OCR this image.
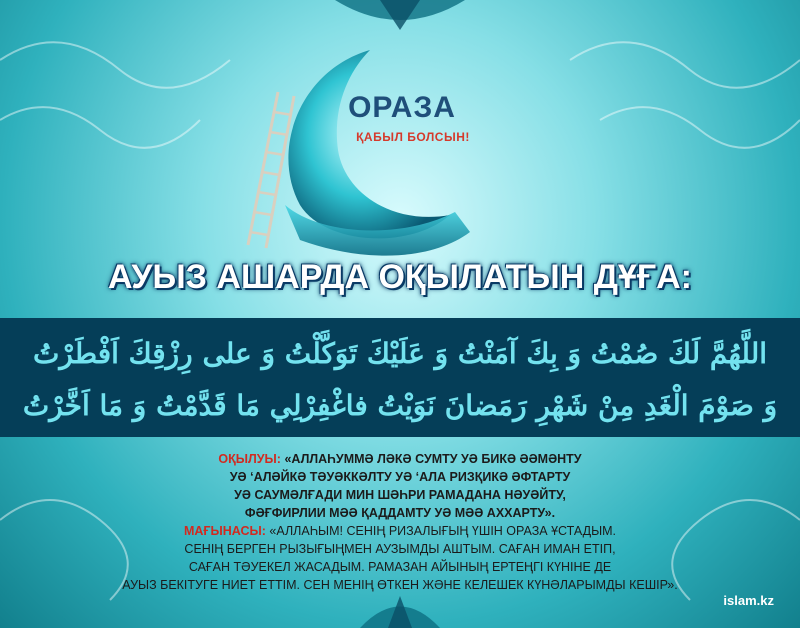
ОРАЗА
ҚАБЫЛ БОЛСЫН!
АУЫЗ АШАРДА ОҚЫЛАТЫН ДҰҒА:
اللَّهُمَّ لَكَ صُمْتُ وَ بِكَ آمَنْتُ وَ عَلَيْكَ تَوَكَّلْتُ وَ على رِزْقِكَ اَفْطَرْتُ
وَ صَوْمَ الْغَدِ مِنْ شَهْرِ رَمَضانَ نَوَيْتُ فاغْفِرْلِي مَا قَدَّمْتُ وَ مَا اَخَّرْتُ
ОҚЫЛУЫ: «АЛЛАҺУММӘ ЛӘКӘ СУМТУ УӘ БИКӘ ӘӘМӘНТУ
УӘ ‘АЛӘЙКӘ ТӘУӘККӘЛТУ УӘ ‘АЛА РИЗҚИКӘ ӘФТАРТУ
УӘ САУМӘЛҒАДИ МИН ШӘҺРИ РАМАДАНА НӘУӘЙТУ,
ФӘҒФИРЛИИ МӘӘ ҚАДДАМТУ УӘ МӘӘ АХХАРТУ».
МАҒЫНАСЫ: «АЛЛАҺЫМ! СЕНІҢ РИЗАЛЫҒЫҢ ҮШІН ОРАЗА ҰСТАДЫМ.
СЕНІҢ БЕРГЕН РЫЗЫҒЫҢМЕН АУЗЫМДЫ АШТЫМ. САҒАН ИМАН ЕТІП,
САҒАН ТӘУЕКЕЛ ЖАСАДЫМ. РАМАЗАН АЙЫНЫҢ ЕРТЕҢГІ КҮНІНЕ ДЕ
АУЫЗ БЕКІТУГЕ НИЕТ ЕТТІМ. СЕН МЕНІҢ ӨТКЕН ЖӘНЕ КЕЛЕШЕК КҮНӘЛАРЫМДЫ КЕШІР».
islam.kz
